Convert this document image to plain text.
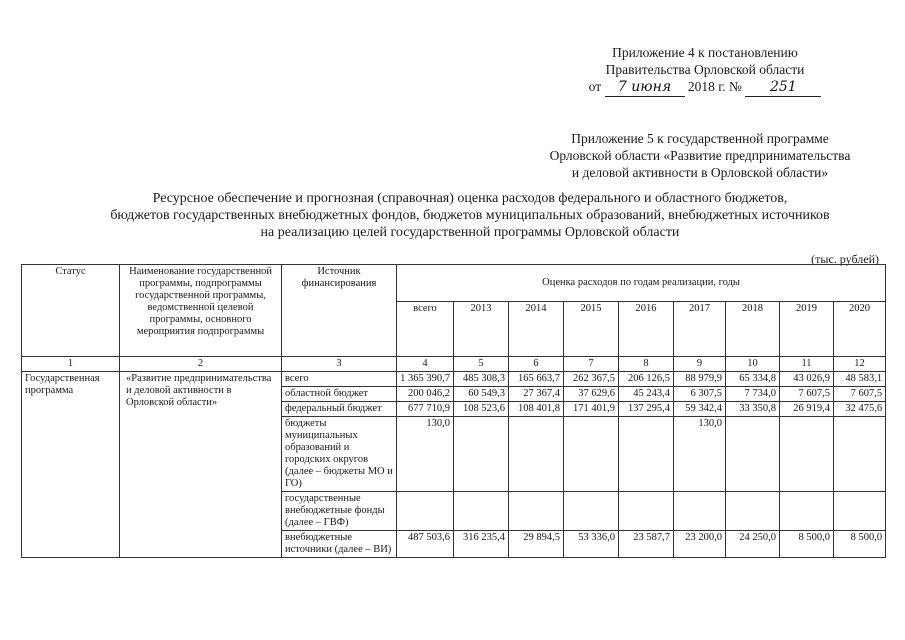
Приложение 4 к постановлению
Правительства Орловской области
от 7 июня 2018 г. № 251
Приложение 5 к государственной программе
Орловской области «Развитие предпринимательства
и деловой активности в Орловской области»
Ресурсное обеспечение и прогнозная (справочная) оценка расходов федерального и областного бюджетов,
бюджетов государственных внебюджетных фондов, бюджетов муниципальных образований, внебюджетных источников
на реализацию целей государственной программы Орловской области
(тыс. рублей)
Статус	Наименование государственной программы, подпрограммы государственной программы, ведомственной целевой программы, основного мероприятия подпрограммы	Источник финансирования	Оценка расходов по годам реализации, годы								
			всего	2013	2014	2015	2016	2017	2018	2019	2020
1	2	3	4	5	6	7	8	9	10	11	12
Государственная программа	«Развитие предпринимательства и деловой активности в Орловской области»	всего	1 365 390,7	485 308,3	165 663,7	262 367,5	206 126,5	88 979,9	65 334,8	43 026,9	48 583,1
		областной бюджет	200 046,2	60 549,3	27 367,4	37 629,6	45 243,4	6 307,5	7 734,0	7 607,5	7 607,5
		федеральный бюджет	677 710,9	108 523,6	108 401,8	171 401,9	137 295,4	59 342,4	33 350,8	26 919,4	32 475,6
		бюджеты муниципальных образований и городских округов (далее – бюджеты МО и ГО)	130,0					130,0			
		государственные внебюджетные фонды (далее – ГВФ)									
		внебюджетные источники (далее – ВИ)	487 503,6	316 235,4	29 894,5	53 336,0	23 587,7	23 200,0	24 250,0	8 500,0	8 500,0
